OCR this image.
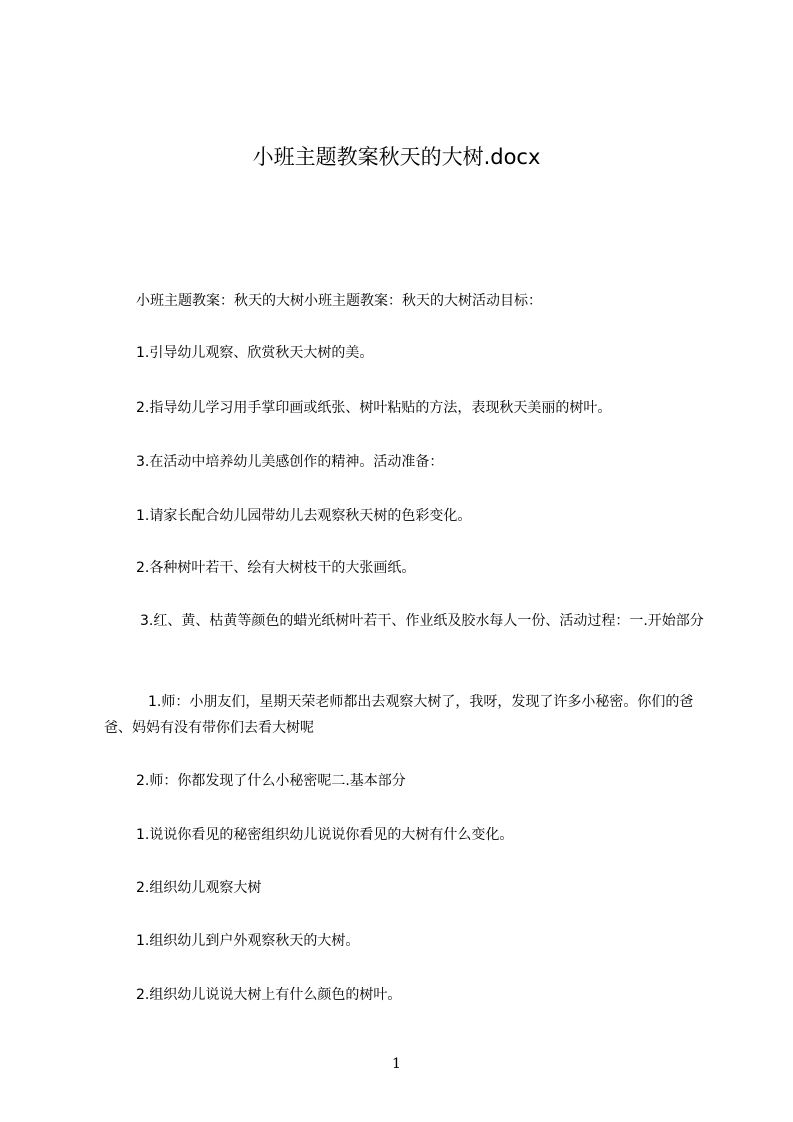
小班主题教案秋天的大树.docx
小班主题教案：秋天的大树小班主题教案：秋天的大树活动目标：
1.引导幼儿观察、欣赏秋天大树的美。
2.指导幼儿学习用手掌印画或纸张、树叶粘贴的方法，表现秋天美丽的树叶。
3.在活动中培养幼儿美感创作的精神。活动准备：
1.请家长配合幼儿园带幼儿去观察秋天树的色彩变化。
2.各种树叶若干、绘有大树枝干的大张画纸。
3.红、黄、枯黄等颜色的蜡光纸树叶若干、作业纸及胶水每人一份、活动过程：一.开始部分
1.师：小朋友们，星期天荣老师都出去观察大树了，我呀，发现了许多小秘密。你们的爸爸、妈妈有没有带你们去看大树呢
2.师：你都发现了什么小秘密呢二.基本部分
1.说说你看见的秘密组织幼儿说说你看见的大树有什么变化。
2.组织幼儿观察大树
1.组织幼儿到户外观察秋天的大树。
2.组织幼儿说说大树上有什么颜色的树叶。
1
